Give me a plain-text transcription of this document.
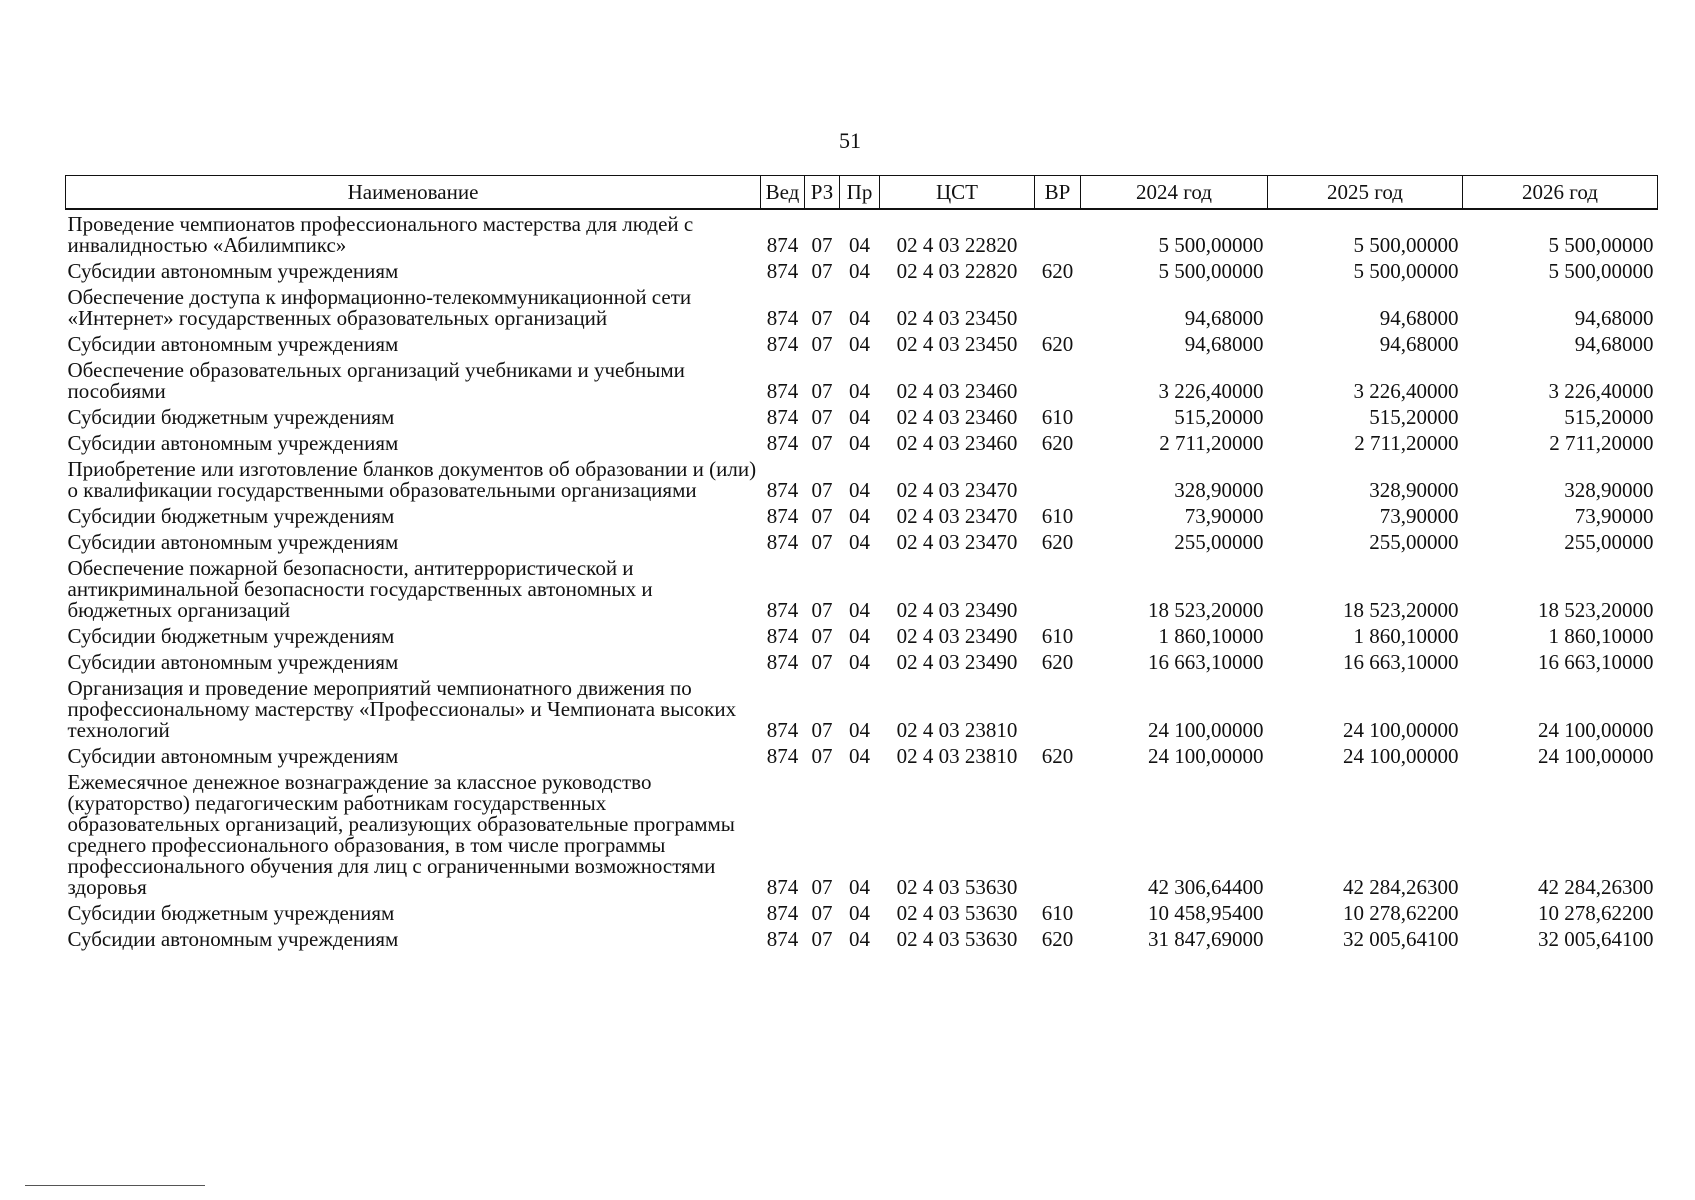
51
Наименование	Вед	РЗ	Пр	ЦСТ	ВР	2024 год	2025 год	2026 год
Проведение чемпионатов профессионального мастерства для людей с инвалидностью «Абилимпикс»	874	07	04	02 4 03 22820		5 500,00000	5 500,00000	5 500,00000
Субсидии автономным учреждениям	874	07	04	02 4 03 22820	620	5 500,00000	5 500,00000	5 500,00000
Обеспечение доступа к информационно-телекоммуникационной сети «Интернет» государственных образовательных организаций	874	07	04	02 4 03 23450		94,68000	94,68000	94,68000
Субсидии автономным учреждениям	874	07	04	02 4 03 23450	620	94,68000	94,68000	94,68000
Обеспечение образовательных организаций учебниками и учебными пособиями	874	07	04	02 4 03 23460		3 226,40000	3 226,40000	3 226,40000
Субсидии бюджетным учреждениям	874	07	04	02 4 03 23460	610	515,20000	515,20000	515,20000
Субсидии автономным учреждениям	874	07	04	02 4 03 23460	620	2 711,20000	2 711,20000	2 711,20000
Приобретение или изготовление бланков документов об образовании и (или) о квалификации государственными образовательными организациями	874	07	04	02 4 03 23470		328,90000	328,90000	328,90000
Субсидии бюджетным учреждениям	874	07	04	02 4 03 23470	610	73,90000	73,90000	73,90000
Субсидии автономным учреждениям	874	07	04	02 4 03 23470	620	255,00000	255,00000	255,00000
Обеспечение пожарной безопасности, антитеррористической и антикриминальной безопасности государственных автономных и бюджетных организаций	874	07	04	02 4 03 23490		18 523,20000	18 523,20000	18 523,20000
Субсидии бюджетным учреждениям	874	07	04	02 4 03 23490	610	1 860,10000	1 860,10000	1 860,10000
Субсидии автономным учреждениям	874	07	04	02 4 03 23490	620	16 663,10000	16 663,10000	16 663,10000
Организация и проведение мероприятий чемпионатного движения по профессиональному мастерству «Профессионалы» и Чемпионата высоких технологий	874	07	04	02 4 03 23810		24 100,00000	24 100,00000	24 100,00000
Субсидии автономным учреждениям	874	07	04	02 4 03 23810	620	24 100,00000	24 100,00000	24 100,00000
Ежемесячное денежное вознаграждение за классное руководство (кураторство) педагогическим работникам государственных образовательных организаций, реализующих образовательные программы среднего профессионального образования, в том числе программы профессионального обучения для лиц с ограниченными возможностями здоровья	874	07	04	02 4 03 53630		42 306,64400	42 284,26300	42 284,26300
Субсидии бюджетным учреждениям	874	07	04	02 4 03 53630	610	10 458,95400	10 278,62200	10 278,62200
Субсидии автономным учреждениям	874	07	04	02 4 03 53630	620	31 847,69000	32 005,64100	32 005,64100
